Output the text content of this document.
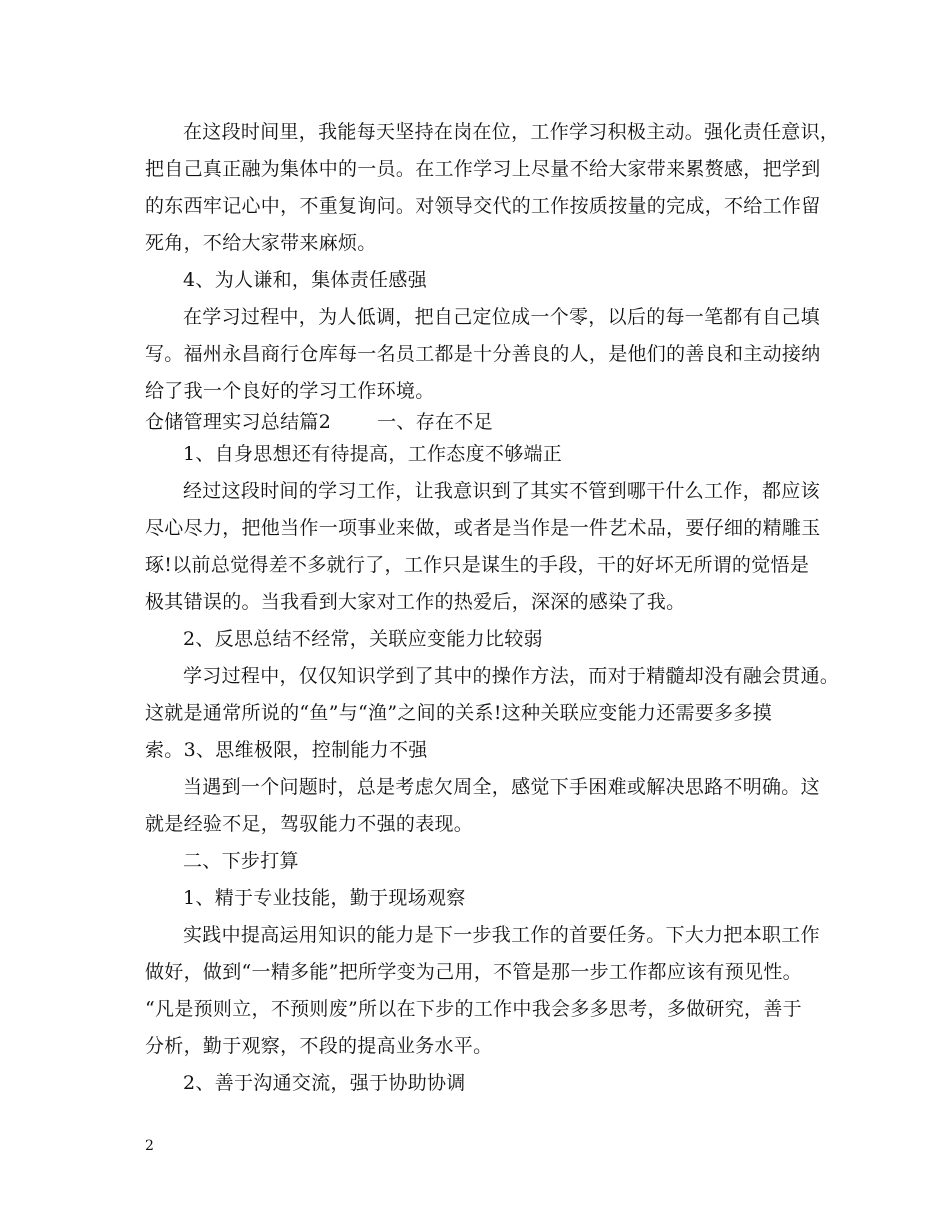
在这段时间里，我能每天坚持在岗在位，工作学习积极主动。强化责任意识，
把自己真正融为集体中的一员。在工作学习上尽量不给大家带来累赘感，把学到
的东西牢记心中，不重复询问。对领导交代的工作按质按量的完成，不给工作留
死角，不给大家带来麻烦。
4、为人谦和，集体责任感强
在学习过程中，为人低调，把自己定位成一个零，以后的每一笔都有自己填
写。福州永昌商行仓库每一名员工都是十分善良的人，是他们的善良和主动接纳
给了我一个良好的学习工作环境。
仓储管理实习总结篇2 一、存在不足
1、自身思想还有待提高，工作态度不够端正
经过这段时间的学习工作，让我意识到了其实不管到哪干什么工作，都应该
尽心尽力，把他当作一项事业来做，或者是当作是一件艺术品，要仔细的精雕玉
琢!以前总觉得差不多就行了，工作只是谋生的手段，干的好坏无所谓的觉悟是
极其错误的。当我看到大家对工作的热爱后，深深的感染了我。
2、反思总结不经常，关联应变能力比较弱
学习过程中，仅仅知识学到了其中的操作方法，而对于精髓却没有融会贯通。
这就是通常所说的“鱼”与“渔”之间的关系!这种关联应变能力还需要多多摸
索。3、思维极限，控制能力不强
当遇到一个问题时，总是考虑欠周全，感觉下手困难或解决思路不明确。这
就是经验不足，驾驭能力不强的表现。
二、下步打算
1、精于专业技能，勤于现场观察
实践中提高运用知识的能力是下一步我工作的首要任务。下大力把本职工作
做好，做到“一精多能”把所学变为己用，不管是那一步工作都应该有预见性。
“凡是预则立，不预则废”所以在下步的工作中我会多多思考，多做研究，善于
分析，勤于观察，不段的提高业务水平。
2、善于沟通交流，强于协助协调
2
